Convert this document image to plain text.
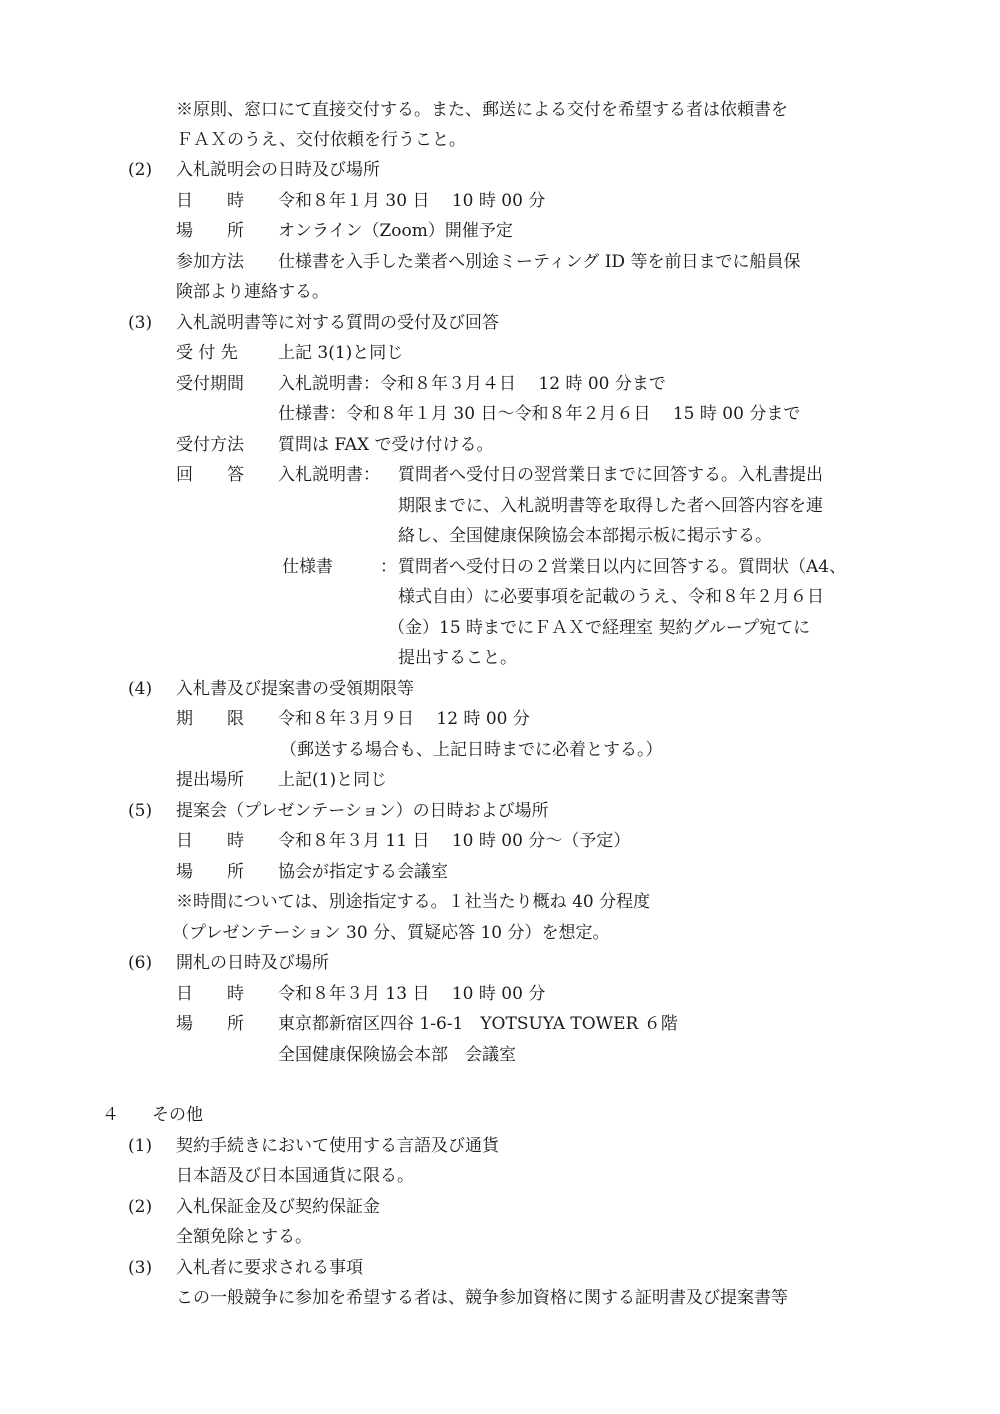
※原則、窓口にて直接交付する。また、郵送による交付を希望する者は依頼書を
ＦＡＸのうえ、交付依頼を行うこと。
(2) 入札説明会の日時及び場所
日　　時 令和８年１月 30 日　 10 時 00 分
場　　所 オンライン（Zoom）開催予定
参加方法 仕様書を入手した業者へ別途ミーティング ID 等を前日までに船員保
険部より連絡する。
(3) 入札説明書等に対する質問の受付及び回答
受 付 先 上記 3(1)と同じ
受付期間 入札説明書：令和８年３月４日　 12 時 00 分まで
仕様書：令和８年１月 30 日～令和８年２月６日　 15 時 00 分まで
受付方法 質問は FAX で受け付ける。
回　　答 入札説明書： 質問者へ受付日の翌営業日までに回答する。入札書提出
期限までに、入札説明書等を取得した者へ回答内容を連
絡し、全国健康保険協会本部掲示板に掲示する。
仕様書	： 質問者へ受付日の２営業日以内に回答する。質問状（A4、
様式自由）に必要事項を記載のうえ、令和８年２月６日
（金）15 時までにＦＡＸで経理室 契約グループ宛てに
提出すること。
(4) 入札書及び提案書の受領期限等
期　　限 令和８年３月９日　 12 時 00 分
（郵送する場合も、上記日時までに必着とする。）
提出場所 上記(1)と同じ
(5) 提案会（プレゼンテーション）の日時および場所
日　　時 令和８年３月 11 日　 10 時 00 分～（予定）
場　　所 協会が指定する会議室
※時間については、別途指定する。１社当たり概ね 40 分程度
（プレゼンテーション 30 分、質疑応答 10 分）を想定。
(6) 開札の日時及び場所
日　　時 令和８年３月 13 日　 10 時 00 分
場　　所 東京都新宿区四谷 1-6-1　YOTSUYA TOWER ６階
全国健康保険協会本部　会議室
４ その他
(1) 契約手続きにおいて使用する言語及び通貨
日本語及び日本国通貨に限る。
(2) 入札保証金及び契約保証金
全額免除とする。
(3) 入札者に要求される事項
この一般競争に参加を希望する者は、競争参加資格に関する証明書及び提案書等
